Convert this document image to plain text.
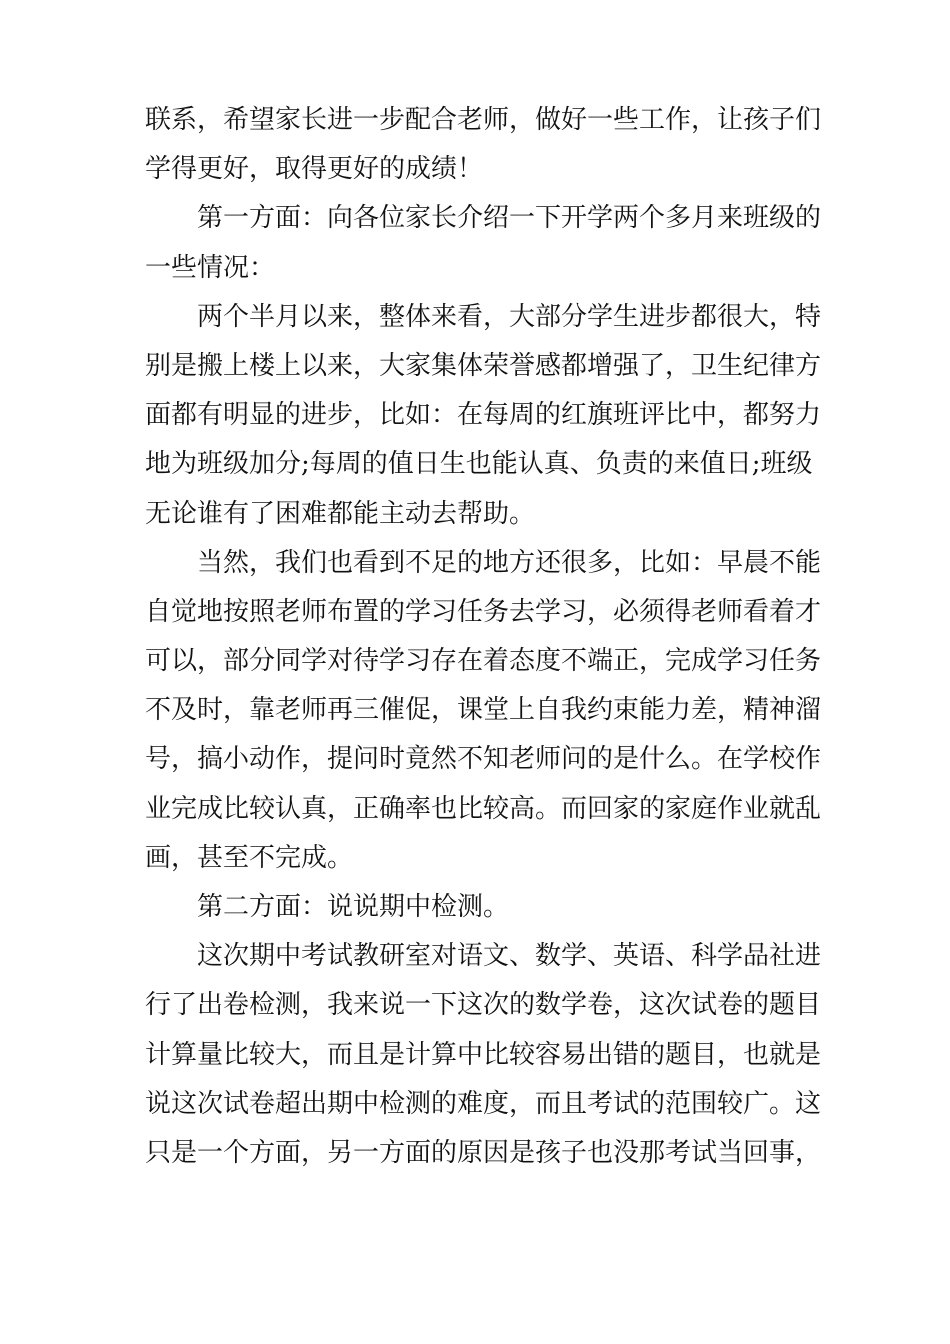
联系，希望家长进一步配合老师，做好一些工作，让孩子们
学得更好，取得更好的成绩！
第一方面：向各位家长介绍一下开学两个多月来班级的
一些情况：
两个半月以来，整体来看，大部分学生进步都很大，特
别是搬上楼上以来，大家集体荣誉感都增强了，卫生纪律方
面都有明显的进步，比如：在每周的红旗班评比中，都努力
地为班级加分;每周的值日生也能认真、负责的来值日;班级
无论谁有了困难都能主动去帮助。
当然，我们也看到不足的地方还很多，比如：早晨不能
自觉地按照老师布置的学习任务去学习，必须得老师看着才
可以，部分同学对待学习存在着态度不端正，完成学习任务
不及时，靠老师再三催促，课堂上自我约束能力差，精神溜
号，搞小动作，提问时竟然不知老师问的是什么。在学校作
业完成比较认真，正确率也比较高。而回家的家庭作业就乱
画，甚至不完成。
第二方面：说说期中检测。
这次期中考试教研室对语文、数学、英语、科学品社进
行了出卷检测，我来说一下这次的数学卷，这次试卷的题目
计算量比较大，而且是计算中比较容易出错的题目，也就是
说这次试卷超出期中检测的难度，而且考试的范围较广。这
只是一个方面，另一方面的原因是孩子也没那考试当回事，
